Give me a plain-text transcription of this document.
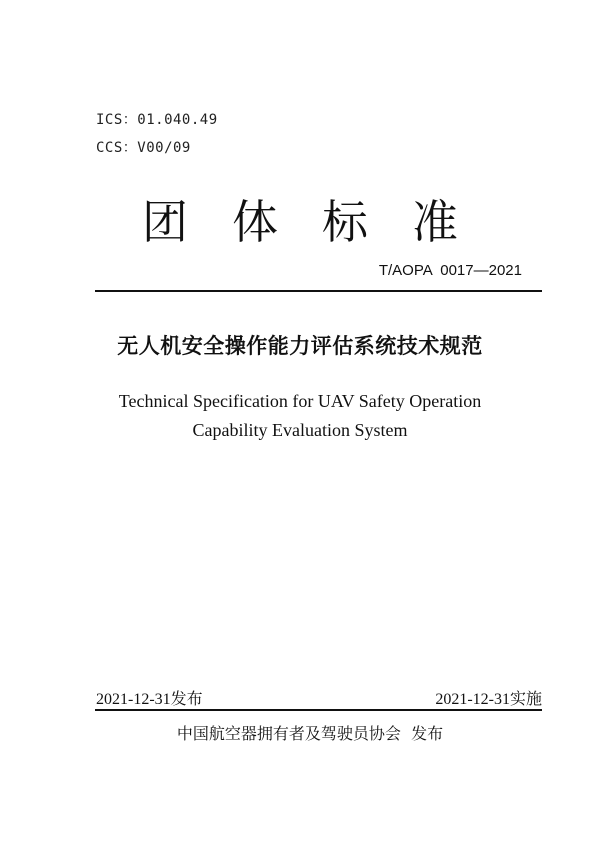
ICS：01.040.49
CCS：V00/09
团体标准
T/AOPA  0017—2021
无人机安全操作能力评估系统技术规范
Technical Specification for UAV Safety Operation
Capability Evaluation System
2021-12-31发布	2021-12-31实施
中国航空器拥有者及驾驶员协会  发布
